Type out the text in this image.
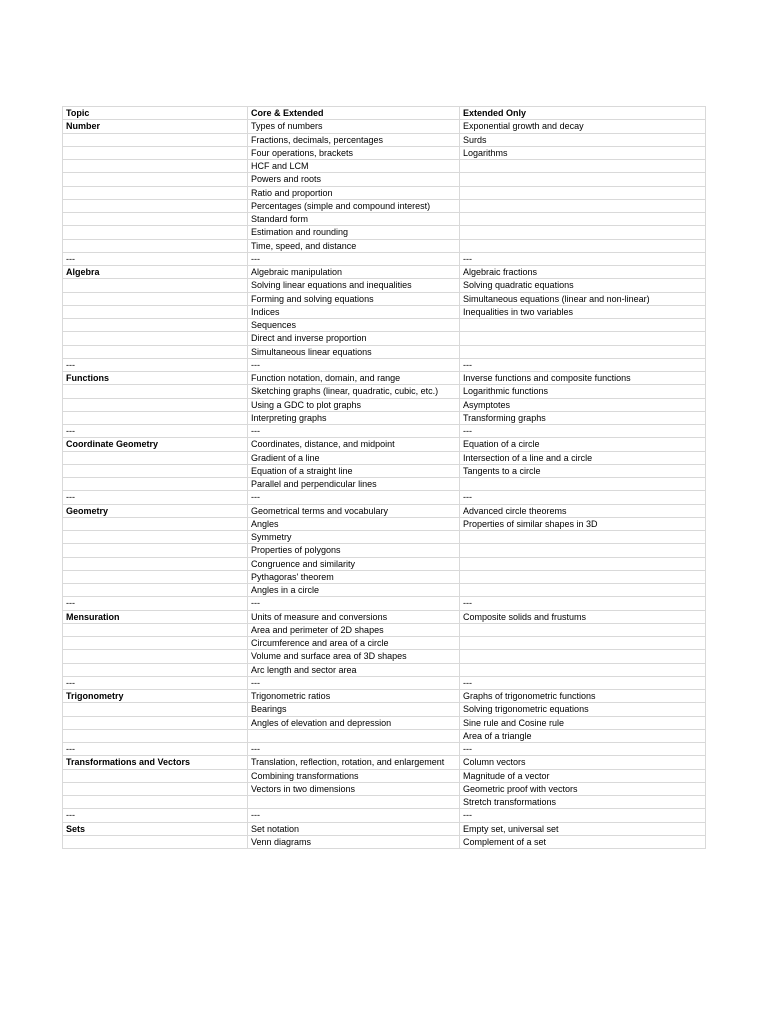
Topic	Core & Extended	Extended Only
Number	Types of numbers	Exponential growth and decay
	Fractions, decimals, percentages	Surds
	Four operations, brackets	Logarithms
	HCF and LCM	
	Powers and roots	
	Ratio and proportion	
	Percentages (simple and compound interest)	
	Standard form	
	Estimation and rounding	
	Time, speed, and distance	
---	---	---
Algebra	Algebraic manipulation	Algebraic fractions
	Solving linear equations and inequalities	Solving quadratic equations
	Forming and solving equations	Simultaneous equations (linear and non-linear)
	Indices	Inequalities in two variables
	Sequences	
	Direct and inverse proportion	
	Simultaneous linear equations	
---	---	---
Functions	Function notation, domain, and range	Inverse functions and composite functions
	Sketching graphs (linear, quadratic, cubic, etc.)	Logarithmic functions
	Using a GDC to plot graphs	Asymptotes
	Interpreting graphs	Transforming graphs
---	---	---
Coordinate Geometry	Coordinates, distance, and midpoint	Equation of a circle
	Gradient of a line	Intersection of a line and a circle
	Equation of a straight line	Tangents to a circle
	Parallel and perpendicular lines	
---	---	---
Geometry	Geometrical terms and vocabulary	Advanced circle theorems
	Angles	Properties of similar shapes in 3D
	Symmetry	
	Properties of polygons	
	Congruence and similarity	
	Pythagoras' theorem	
	Angles in a circle	
---	---	---
Mensuration	Units of measure and conversions	Composite solids and frustums
	Area and perimeter of 2D shapes	
	Circumference and area of a circle	
	Volume and surface area of 3D shapes	
	Arc length and sector area	
---	---	---
Trigonometry	Trigonometric ratios	Graphs of trigonometric functions
	Bearings	Solving trigonometric equations
	Angles of elevation and depression	Sine rule and Cosine rule
		Area of a triangle
---	---	---
Transformations and Vectors	Translation, reflection, rotation, and enlargement	Column vectors
	Combining transformations	Magnitude of a vector
	Vectors in two dimensions	Geometric proof with vectors
		Stretch transformations
---	---	---
Sets	Set notation	Empty set, universal set
	Venn diagrams	Complement of a set
